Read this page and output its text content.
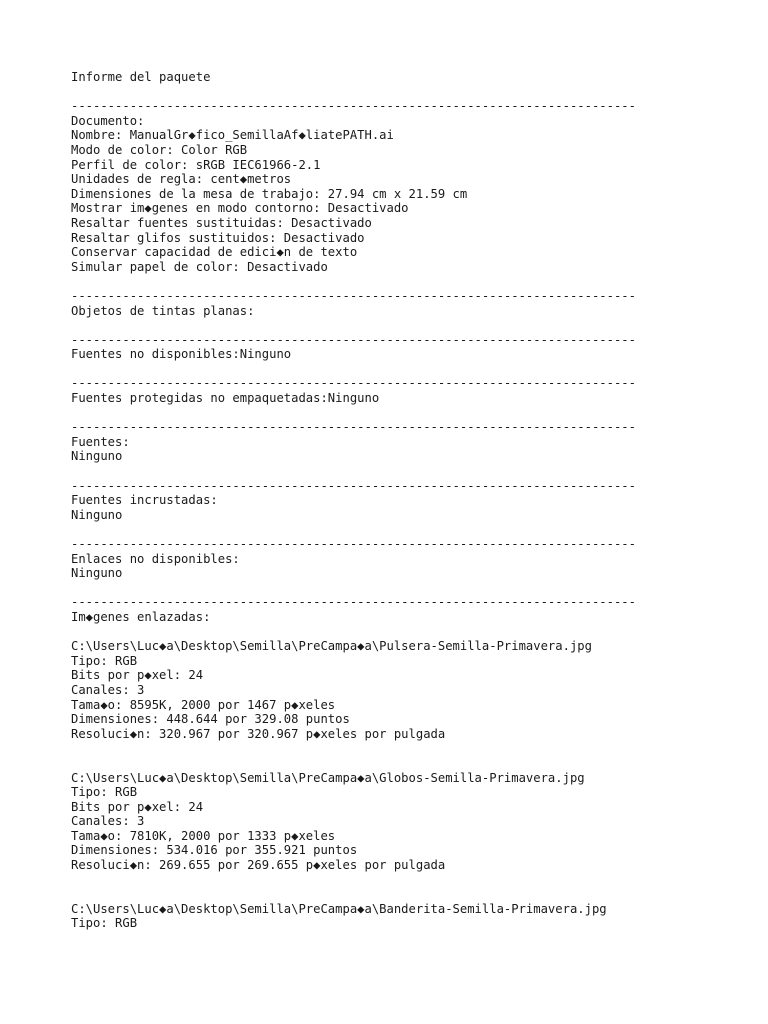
Informe del paquete
-----------------------------------------------------------------------------
Documento:
Nombre: ManualGr◆fico_SemillaAf◆liatePATH.ai
Modo de color: Color RGB
Perfil de color: sRGB IEC61966-2.1
Unidades de regla: cent◆metros
Dimensiones de la mesa de trabajo: 27.94 cm x 21.59 cm
Mostrar im◆genes en modo contorno: Desactivado
Resaltar fuentes sustituidas: Desactivado
Resaltar glifos sustituidos: Desactivado
Conservar capacidad de edici◆n de texto
Simular papel de color: Desactivado
-----------------------------------------------------------------------------
Objetos de tintas planas:
-----------------------------------------------------------------------------
Fuentes no disponibles:Ninguno
-----------------------------------------------------------------------------
Fuentes protegidas no empaquetadas:Ninguno
-----------------------------------------------------------------------------
Fuentes:
Ninguno
-----------------------------------------------------------------------------
Fuentes incrustadas:
Ninguno
-----------------------------------------------------------------------------
Enlaces no disponibles:
Ninguno
-----------------------------------------------------------------------------
Im◆genes enlazadas:
C:\Users\Luc◆a\Desktop\Semilla\PreCampa◆a\Pulsera-Semilla-Primavera.jpg
Tipo: RGB
Bits por p◆xel: 24
Canales: 3
Tama◆o: 8595K, 2000 por 1467 p◆xeles
Dimensiones: 448.644 por 329.08 puntos
Resoluci◆n: 320.967 por 320.967 p◆xeles por pulgada
C:\Users\Luc◆a\Desktop\Semilla\PreCampa◆a\Globos-Semilla-Primavera.jpg
Tipo: RGB
Bits por p◆xel: 24
Canales: 3
Tama◆o: 7810K, 2000 por 1333 p◆xeles
Dimensiones: 534.016 por 355.921 puntos
Resoluci◆n: 269.655 por 269.655 p◆xeles por pulgada
C:\Users\Luc◆a\Desktop\Semilla\PreCampa◆a\Banderita-Semilla-Primavera.jpg
Tipo: RGB
